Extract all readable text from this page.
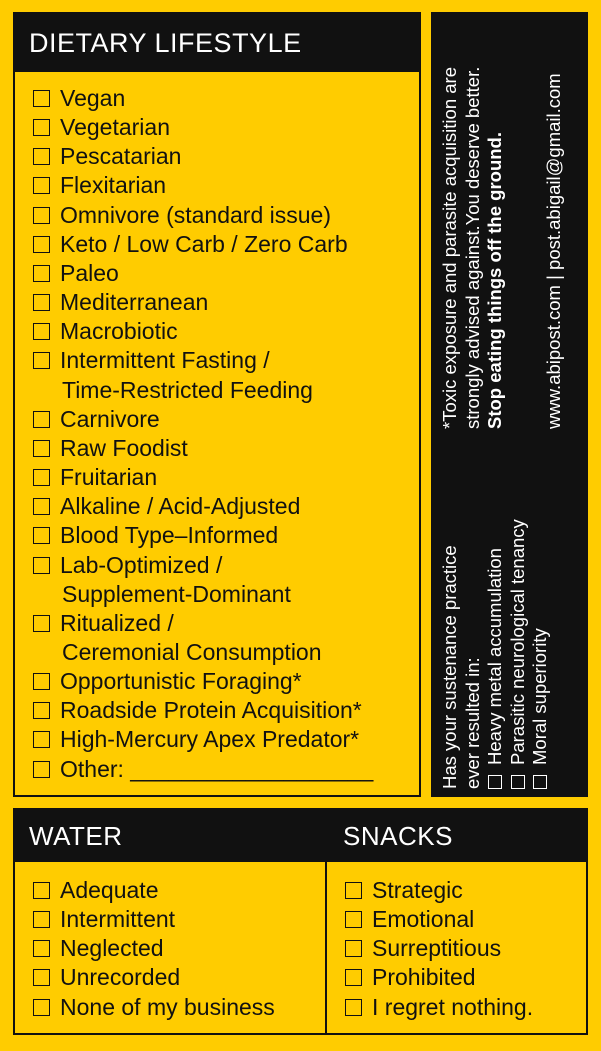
DIETARY LIFESTYLE
Vegan
Vegetarian
Pescatarian
Flexitarian
Omnivore (standard issue)
Keto / Low Carb / Zero Carb
Paleo
Mediterranean
Macrobiotic
Intermittent Fasting /
Time-Restricted Feeding
Carnivore
Raw Foodist
Fruitarian
Alkaline / Acid-Adjusted
Blood Type–Informed
Lab-Optimized /
Supplement-Dominant
Ritualized /
Ceremonial Consumption
Opportunistic Foraging*
Roadside Protein Acquisition*
High-Mercury Apex Predator*
Other: ___________________	Has your sustenance practice ever resulted in: Heavy metal accumulation Parasitic neurological tenancy Moral superiority
*Toxic exposure and parasite acquisition are strongly advised against.You deserve better. Stop eating things off the ground. www.abipost.com | post.abigail@gmail.com
WATER
Adequate
Intermittent
Neglected
Unrecorded
None of my business
SNACKS
Strategic
Emotional
Surreptitious
Prohibited
I regret nothing.
